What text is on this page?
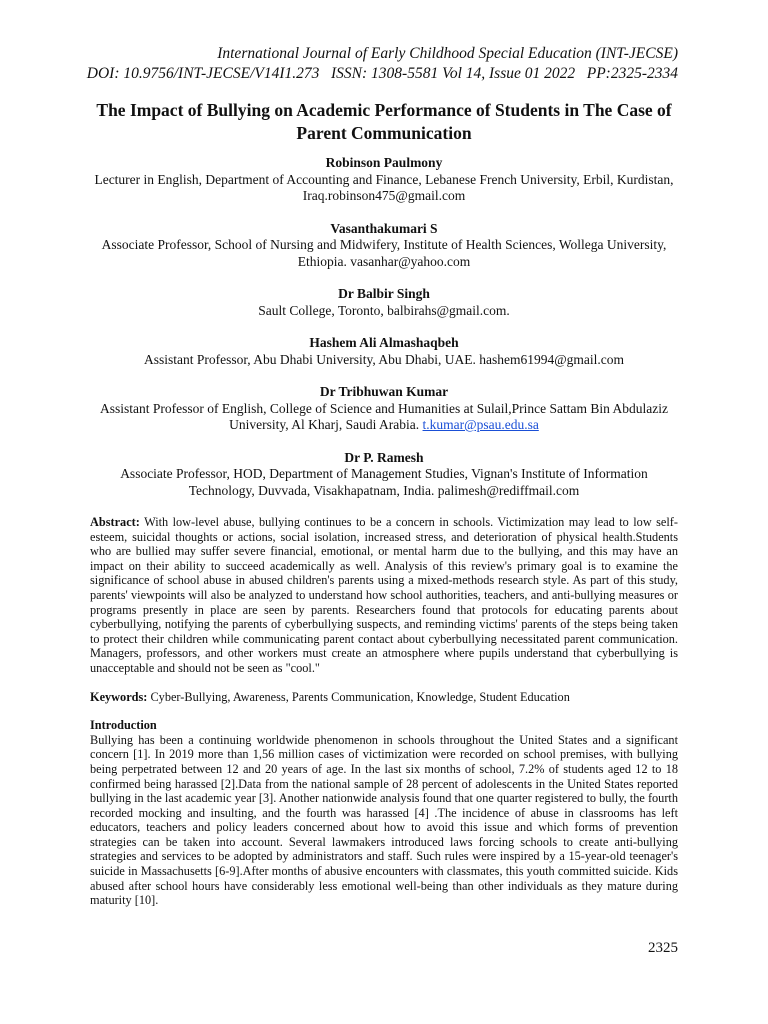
International Journal of Early Childhood Special Education (INT-JECSE)
DOI: 10.9756/INT-JECSE/V14I1.273   ISSN: 1308-5581 Vol 14, Issue 01 2022   PP:2325-2334
The Impact of Bullying on Academic Performance of Students in The Case of Parent Communication
Robinson Paulmony
Lecturer in English, Department of Accounting and Finance, Lebanese French University, Erbil, Kurdistan, Iraq.robinson475@gmail.com
Vasanthakumari S
Associate Professor, School of Nursing and Midwifery, Institute of Health Sciences, Wollega University, Ethiopia. vasanhar@yahoo.com
Dr Balbir Singh
Sault College, Toronto, balbirahs@gmail.com.
Hashem Ali Almashaqbeh
Assistant Professor, Abu Dhabi University, Abu Dhabi, UAE. hashem61994@gmail.com
Dr Tribhuwan Kumar
Assistant Professor of English, College of Science and Humanities at Sulail,Prince Sattam Bin Abdulaziz University, Al Kharj, Saudi Arabia. t.kumar@psau.edu.sa
Dr P. Ramesh
Associate Professor, HOD, Department of Management Studies, Vignan's Institute of Information Technology, Duvvada, Visakhapatnam, India. palimesh@rediffmail.com

Abstract: With low-level abuse, bullying continues to be a concern in schools. Victimization may lead to low self-esteem, suicidal thoughts or actions, social isolation, increased stress, and deterioration of physical health.Students who are bullied may suffer severe financial, emotional, or mental harm due to the bullying, and this may have an impact on their ability to succeed academically as well. Analysis of this review's primary goal is to examine the significance of school abuse in abused children's parents using a mixed-methods research style. As part of this study, parents' viewpoints will also be analyzed to understand how school authorities, teachers, and anti-bullying measures or programs presently in place are seen by parents. Researchers found that protocols for educating parents about cyberbullying, notifying the parents of cyberbullying suspects, and reminding victims' parents of the steps being taken to protect their children while communicating parent contact about cyberbullying necessitated parent communication. Managers, professors, and other workers must create an atmosphere where pupils understand that cyberbullying is unacceptable and should not be seen as "cool."

Keywords: Cyber-Bullying, Awareness, Parents Communication, Knowledge, Student Education

Introduction

Bullying has been a continuing worldwide phenomenon in schools throughout the United States and a significant concern [1]. In 2019 more than 1,56 million cases of victimization were recorded on school premises, with bullying being perpetrated between 12 and 20 years of age. In the last six months of school, 7.2% of students aged 12 to 18 confirmed being harassed [2].Data from the national sample of 28 percent of adolescents in the United States reported bullying in the last academic year [3]. Another nationwide analysis found that one quarter registered to bully, the fourth recorded mocking and insulting, and the fourth was harassed [4] .The incidence of abuse in classrooms has left educators, teachers and policy leaders concerned about how to avoid this issue and which forms of prevention strategies can be taken into account. Several lawmakers introduced laws forcing schools to create anti-bullying strategies and services to be adopted by administrators and staff. Such rules were inspired by a 15-year-old teenager's suicide in Massachusetts [6-9].After months of abusive encounters with classmates, this youth committed suicide. Kids abused after school hours have considerably less emotional well-being than other individuals as they mature during maturity [10].

2325
